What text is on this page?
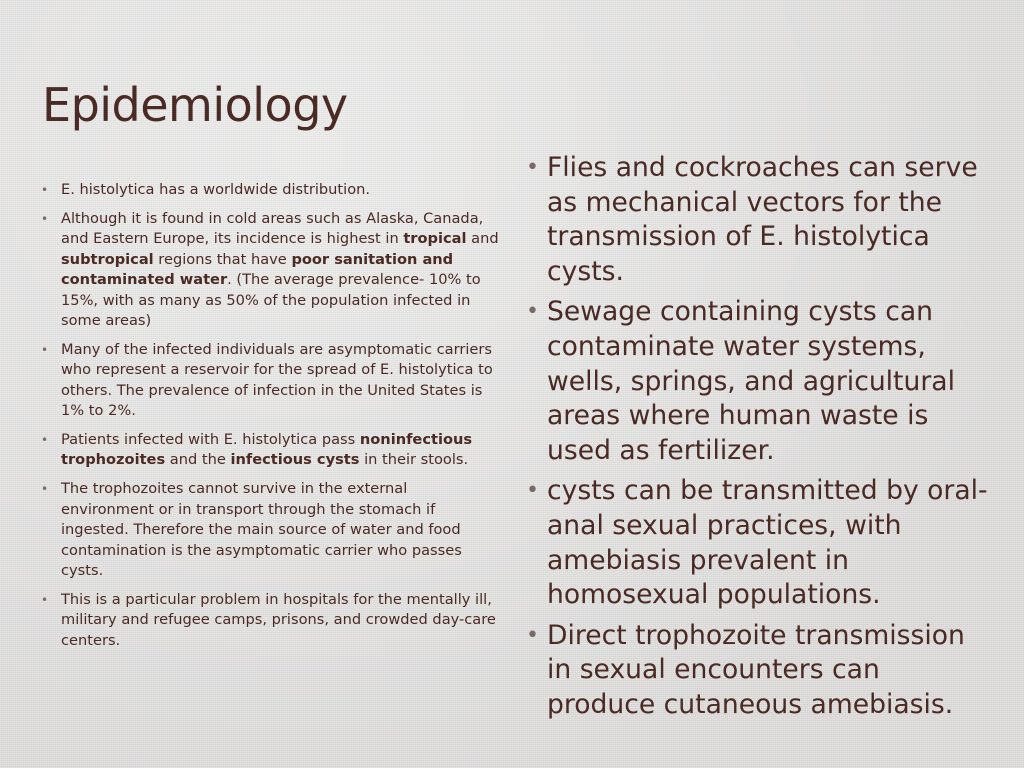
Epidemiology
• E. histolytica has a worldwide distribution.
• Although it is found in cold areas such as Alaska, Canada, and Eastern Europe, its incidence is highest in tropical and subtropical regions that have poor sanitation and contaminated water. (The average prevalence- 10% to 15%, with as many as 50% of the population infected in some areas)
• Many of the infected individuals are asymptomatic carriers who represent a reservoir for the spread of E. histolytica to others. The prevalence of infection in the United States is 1% to 2%.
• Patients infected with E. histolytica pass noninfectious trophozoites and the infectious cysts in their stools.
• The trophozoites cannot survive in the external environment or in transport through the stomach if ingested. Therefore the main source of water and food contamination is the asymptomatic carrier who passes cysts.
• This is a particular problem in hospitals for the mentally ill, military and refugee camps, prisons, and crowded day-care centers.
• Flies and cockroaches can serve as mechanical vectors for the transmission of E. histolytica cysts.
• Sewage containing cysts can contaminate water systems, wells, springs, and agricultural areas where human waste is used as fertilizer.
• cysts can be transmitted by oral-anal sexual practices, with amebiasis prevalent in homosexual populations.
• Direct trophozoite transmission in sexual encounters can produce cutaneous amebiasis.
